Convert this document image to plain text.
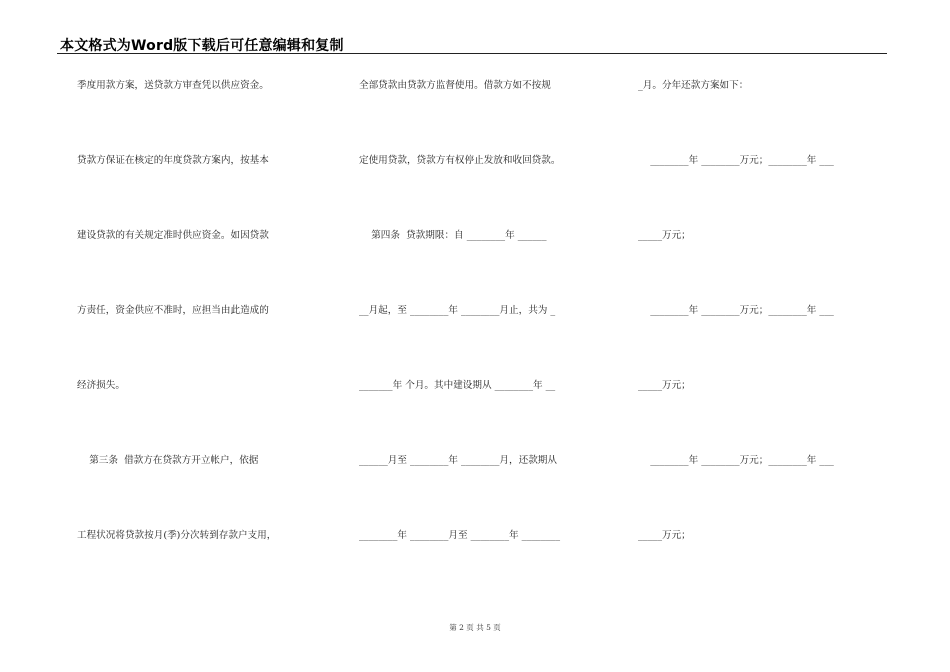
本文格式为Word版下载后可任意编辑和复制
季度用款方案，送贷款方审查凭以供应资金。
贷款方保证在核定的年度贷款方案内，按基本
建设贷款的有关规定准时供应资金。如因贷款
方责任，资金供应不准时，应担当由此造成的
经济损失。
第三条  借款方在贷款方开立帐户，依据
工程状况将贷款按月(季)分次转到存款户支用，
全部贷款由贷款方监督使用。借款方如不按规
定使用贷款，贷款方有权停止发放和收回贷款。
第四条  贷款期限：自 ________年 ______
__月起，至 ________年 ________月止，共为 _
_______年 个月。其中建设期从 ________年 __
______月至 ________年 ________月，还款期从
________年 ________月至 ________年 ________
_月。分年还款方案如下：
________年 ________万元；________年 ___
_____万元；
________年 ________万元；________年 ___
_____万元；
________年 ________万元；________年 ___
_____万元；
第 2 页 共 5 页
